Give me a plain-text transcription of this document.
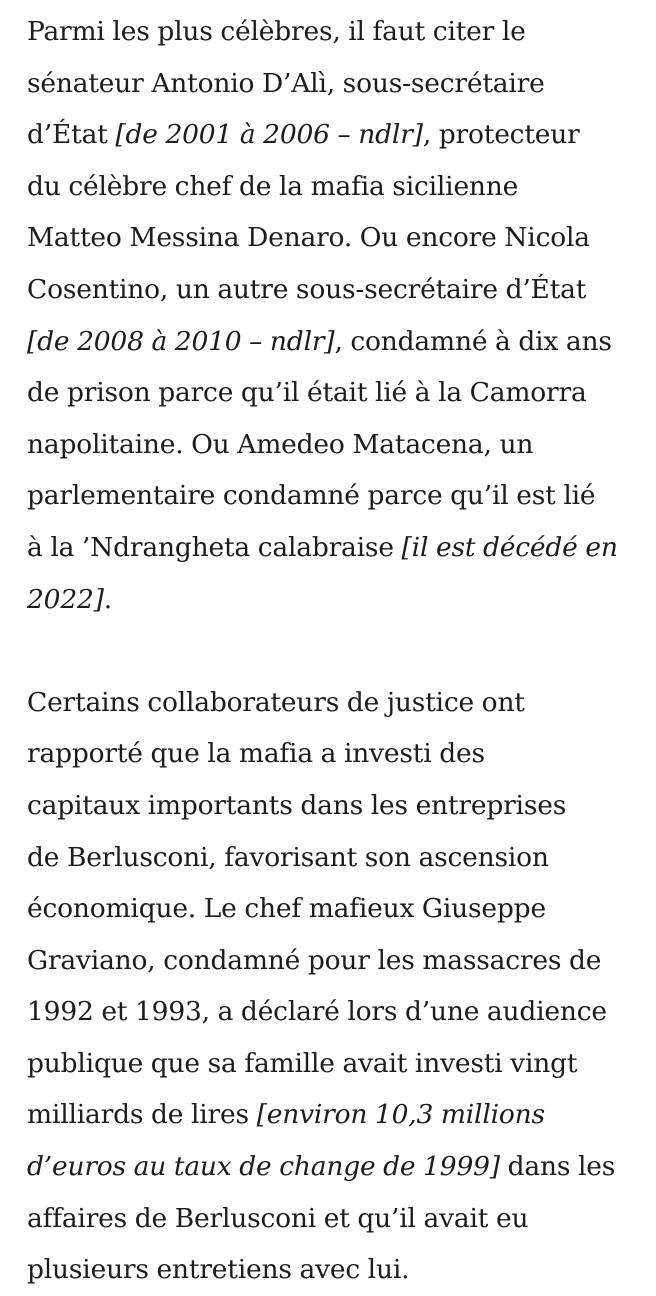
Parmi les plus célèbres, il faut citer le
sénateur Antonio D’Alì, sous-secrétaire
d’État [de 2001 à 2006 – ndlr], protecteur
du célèbre chef de la mafia sicilienne
Matteo Messina Denaro. Ou encore Nicola
Cosentino, un autre sous-secrétaire d’État
[de 2008 à 2010 – ndlr], condamné à dix ans
de prison parce qu’il était lié à la Camorra
napolitaine. Ou Amedeo Matacena, un
parlementaire condamné parce qu’il est lié
à la ’Ndrangheta calabraise [il est décédé en
2022].

Certains collaborateurs de justice ont
rapporté que la mafia a investi des
capitaux importants dans les entreprises
de Berlusconi, favorisant son ascension
économique. Le chef mafieux Giuseppe
Graviano, condamné pour les massacres de
1992 et 1993, a déclaré lors d’une audience
publique que sa famille avait investi vingt
milliards de lires [environ 10,3 millions
d’euros au taux de change de 1999] dans les
affaires de Berlusconi et qu’il avait eu
plusieurs entretiens avec lui.
